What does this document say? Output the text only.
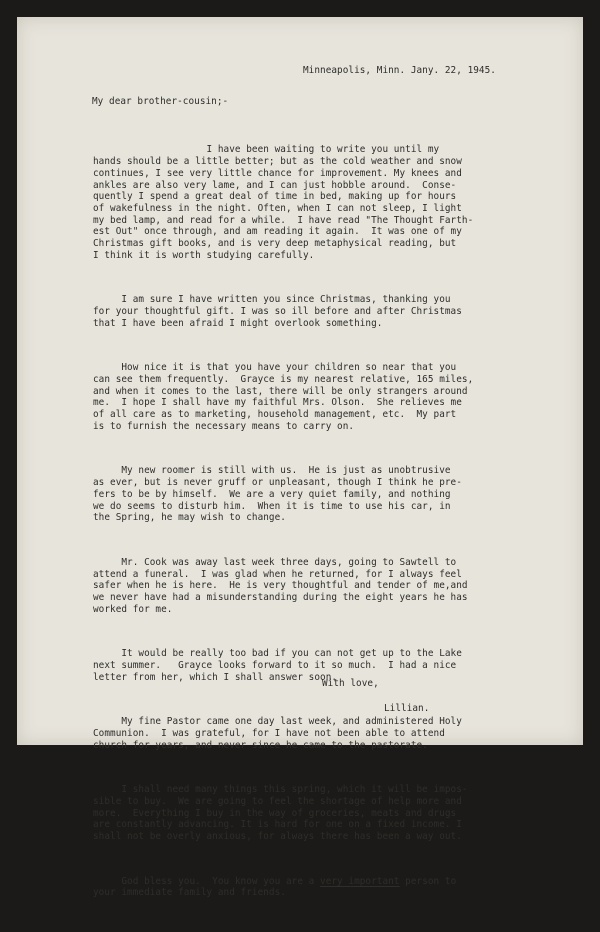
Minneapolis, Minn. Jany. 22, 1945.
My dear brother-cousin;-

I have been waiting to write you until my
hands should be a little better; but as the cold weather and snow
continues, I see very little chance for improvement. My knees and
ankles are also very lame, and I can just hobble around.  Conse-
quently I spend a great deal of time in bed, making up for hours
of wakefulness in the night. Often, when I can not sleep, I light
my bed lamp, and read for a while.  I have read "The Thought Farth-
est Out" once through, and am reading it again.  It was one of my
Christmas gift books, and is very deep metaphysical reading, but
I think it is worth studying carefully.

I am sure I have written you since Christmas, thanking you
for your thoughtful gift. I was so ill before and after Christmas
that I have been afraid I might overlook something.

How nice it is that you have your children so near that you
can see them frequently.  Grayce is my nearest relative, 165 miles,
and when it comes to the last, there will be only strangers around
me.  I hope I shall have my faithful Mrs. Olson.  She relieves me
of all care as to marketing, household management, etc.  My part
is to furnish the necessary means to carry on.

My new roomer is still with us.  He is just as unobtrusive
as ever, but is never gruff or unpleasant, though I think he pre-
fers to be by himself.  We are a very quiet family, and nothing
we do seems to disturb him.  When it is time to use his car, in
the Spring, he may wish to change.

Mr. Cook was away last week three days, going to Sawtell to
attend a funeral.  I was glad when he returned, for I always feel
safer when he is here.  He is very thoughtful and tender of me,and
we never have had a misunderstanding during the eight years he has
worked for me.

It would be really too bad if you can not get up to the Lake
next summer.   Grayce looks forward to it so much.  I had a nice
letter from her, which I shall answer soon.

My fine Pastor came one day last week, and administered Holy
Communion.  I was grateful, for I have not been able to attend
church for years, and never since he came to the pastorate.

I shall need many things this spring, which it will be impos-
sible to buy.  We are going to feel the shortage of help more and
more.  Everything I buy in the way of groceries, meats and drugs
are constantly advancing. It is hard for one on a fixed income. I
shall not be overly anxious, for always there has been a way out.

God bless you.  You know you are a very important person to
your immediate family and friends.

With love,
Lillian.
